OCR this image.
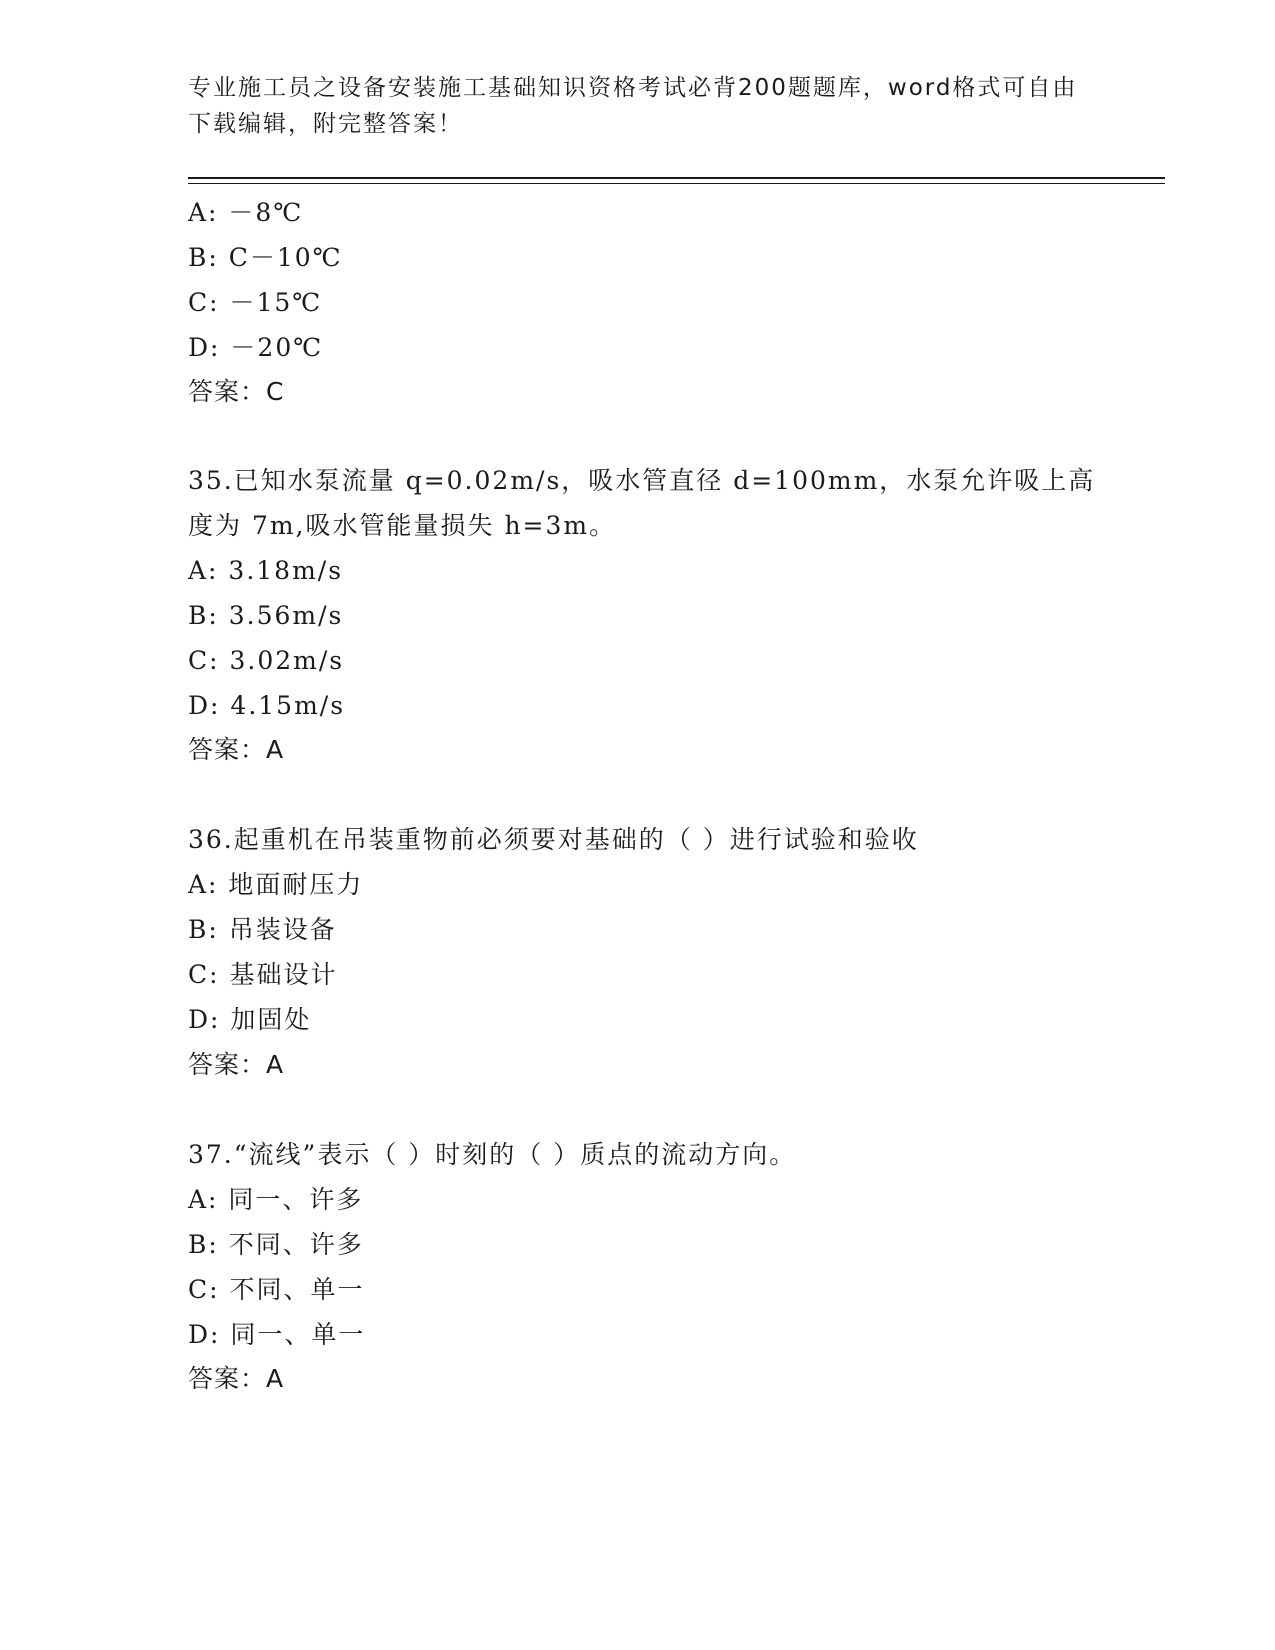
专业施工员之设备安装施工基础知识资格考试必背200题题库，word格式可自由
下载编辑，附完整答案！
A: －8℃
B: C－10℃
C: －15℃
D: －20℃
答案：C
35.已知水泵流量 q=0.02m/s，吸水管直径 d=100mm，水泵允许吸上高
度为 7m,吸水管能量损失 h=3m。
A: 3.18m/s
B: 3.56m/s
C: 3.02m/s
D: 4.15m/s
答案：A
36.起重机在吊装重物前必须要对基础的（ ）进行试验和验收
A: 地面耐压力
B: 吊装设备
C: 基础设计
D: 加固处
答案：A
37.“流线”表示（ ）时刻的（ ）质点的流动方向。
A: 同一、许多
B: 不同、许多
C: 不同、单一
D: 同一、单一
答案：A
